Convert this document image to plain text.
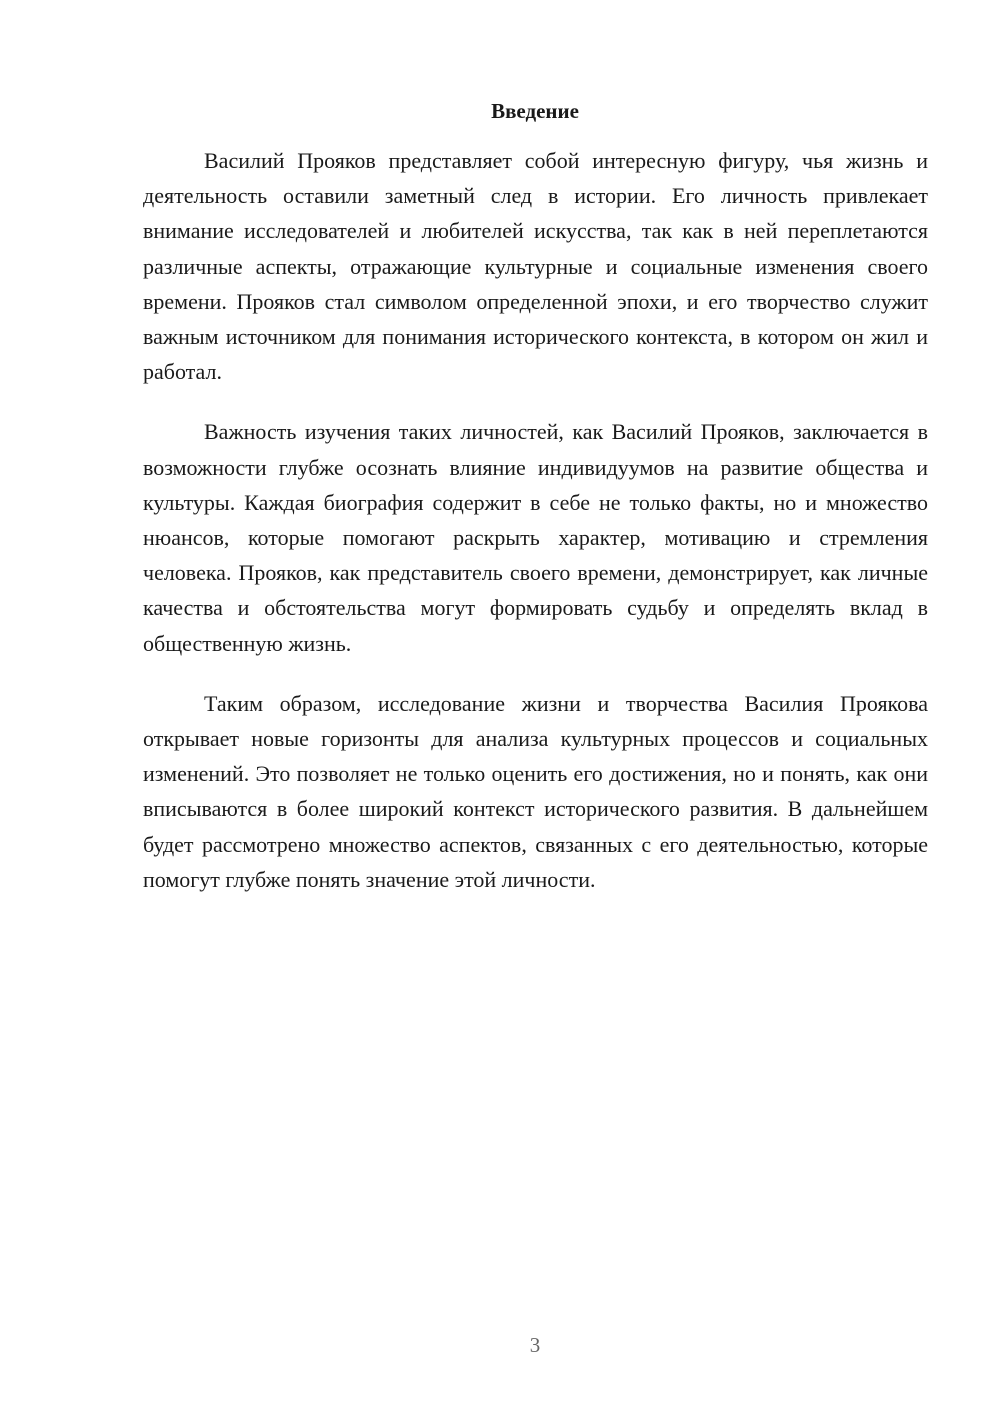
Введение

Василий Прояков представляет собой интересную фигуру, чья жизнь и деятельность оставили заметный след в истории. Его личность привлекает внимание исследователей и любителей искусства, так как в ней переплетаются различные аспекты, отражающие культурные и социальные изменения своего времени. Прояков стал символом определенной эпохи, и его творчество служит важным источником для понимания исторического контекста, в котором он жил и работал.

Важность изучения таких личностей, как Василий Прояков, заключается в возможности глубже осознать влияние индивидуумов на развитие общества и культуры. Каждая биография содержит в себе не только факты, но и множество нюансов, которые помогают раскрыть характер, мотивацию и стремления человека. Прояков, как представитель своего времени, демонстрирует, как личные качества и обстоятельства могут формировать судьбу и определять вклад в общественную жизнь.

Таким образом, исследование жизни и творчества Василия Проякова открывает новые горизонты для анализа культурных процессов и социальных изменений. Это позволяет не только оценить его достижения, но и понять, как они вписываются в более широкий контекст исторического развития. В дальнейшем будет рассмотрено множество аспектов, связанных с его деятельностью, которые помогут глубже понять значение этой личности.

3
